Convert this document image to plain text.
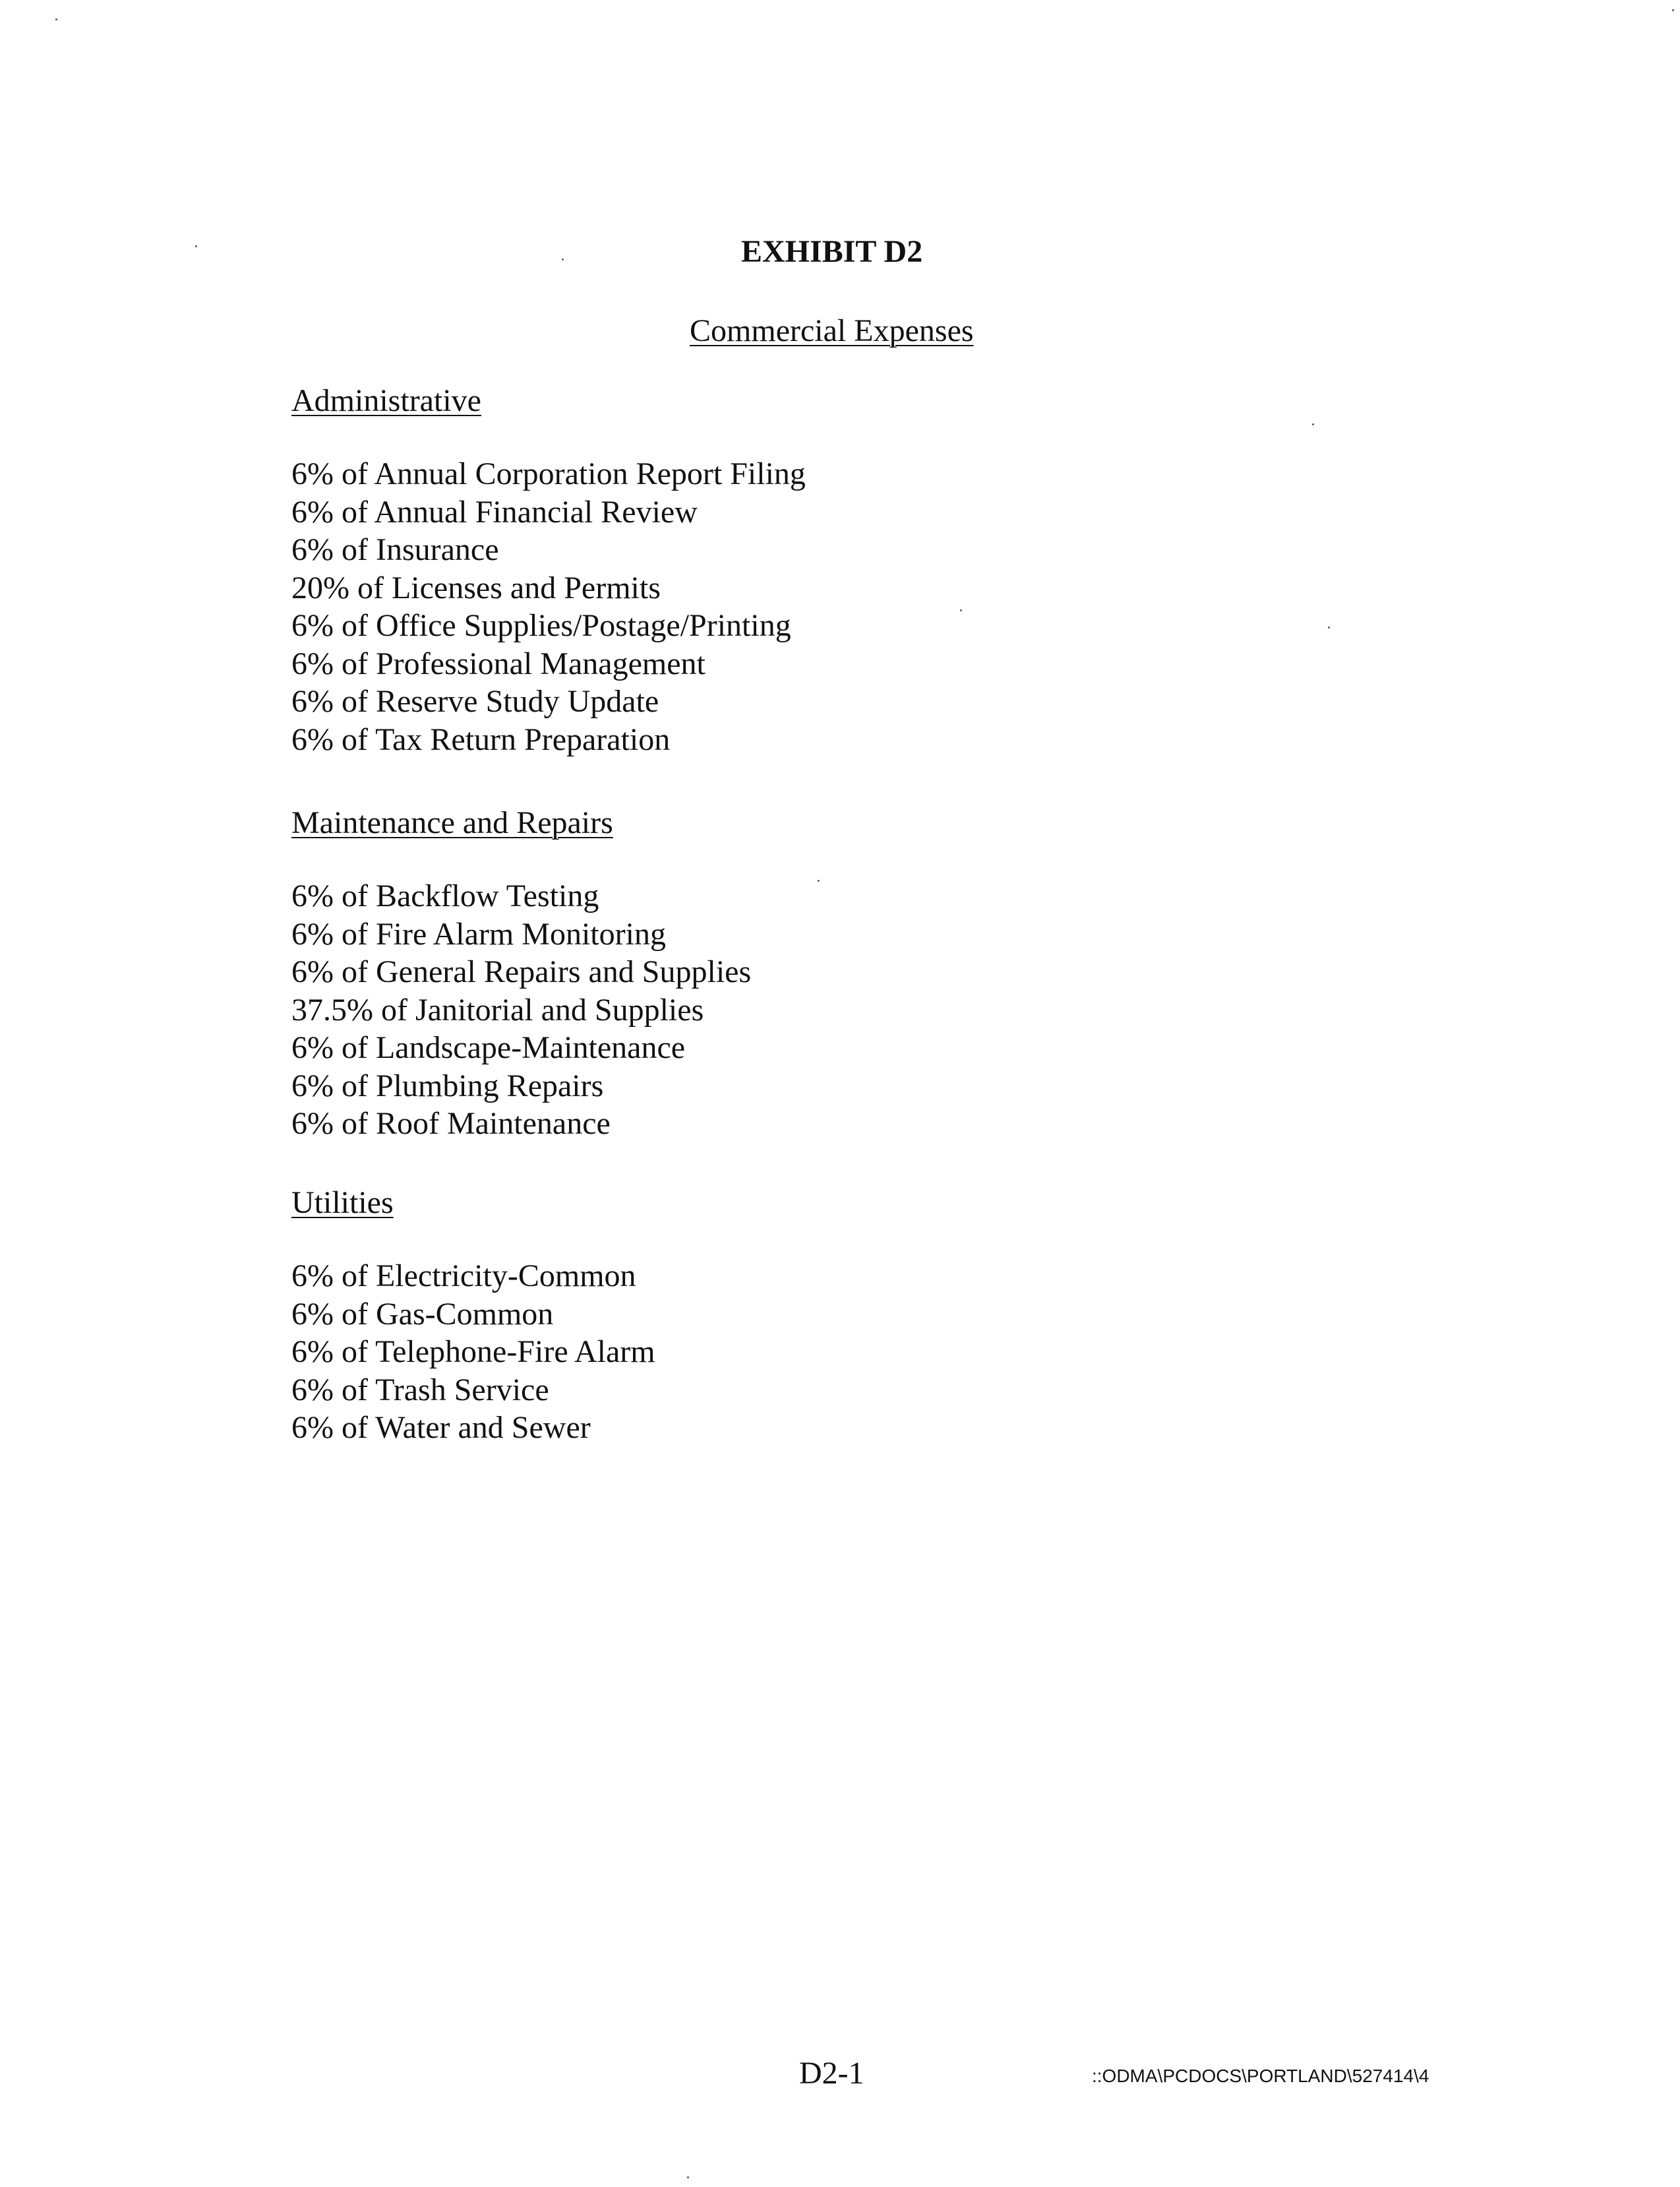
EXHIBIT D2
Commercial Expenses
Administrative
6% of Annual Corporation Report Filing
6% of Annual Financial Review
6% of Insurance
20% of Licenses and Permits
6% of Office Supplies/Postage/Printing
6% of Professional Management
6% of Reserve Study Update
6% of Tax Return Preparation
Maintenance and Repairs
6% of Backflow Testing
6% of Fire Alarm Monitoring
6% of General Repairs and Supplies
37.5% of Janitorial and Supplies
6% of Landscape-Maintenance
6% of Plumbing Repairs
6% of Roof Maintenance
Utilities
6% of Electricity-Common
6% of Gas-Common
6% of Telephone-Fire Alarm
6% of Trash Service
6% of Water and Sewer
D2-1	::ODMA\PCDOCS\PORTLAND\527414\4
